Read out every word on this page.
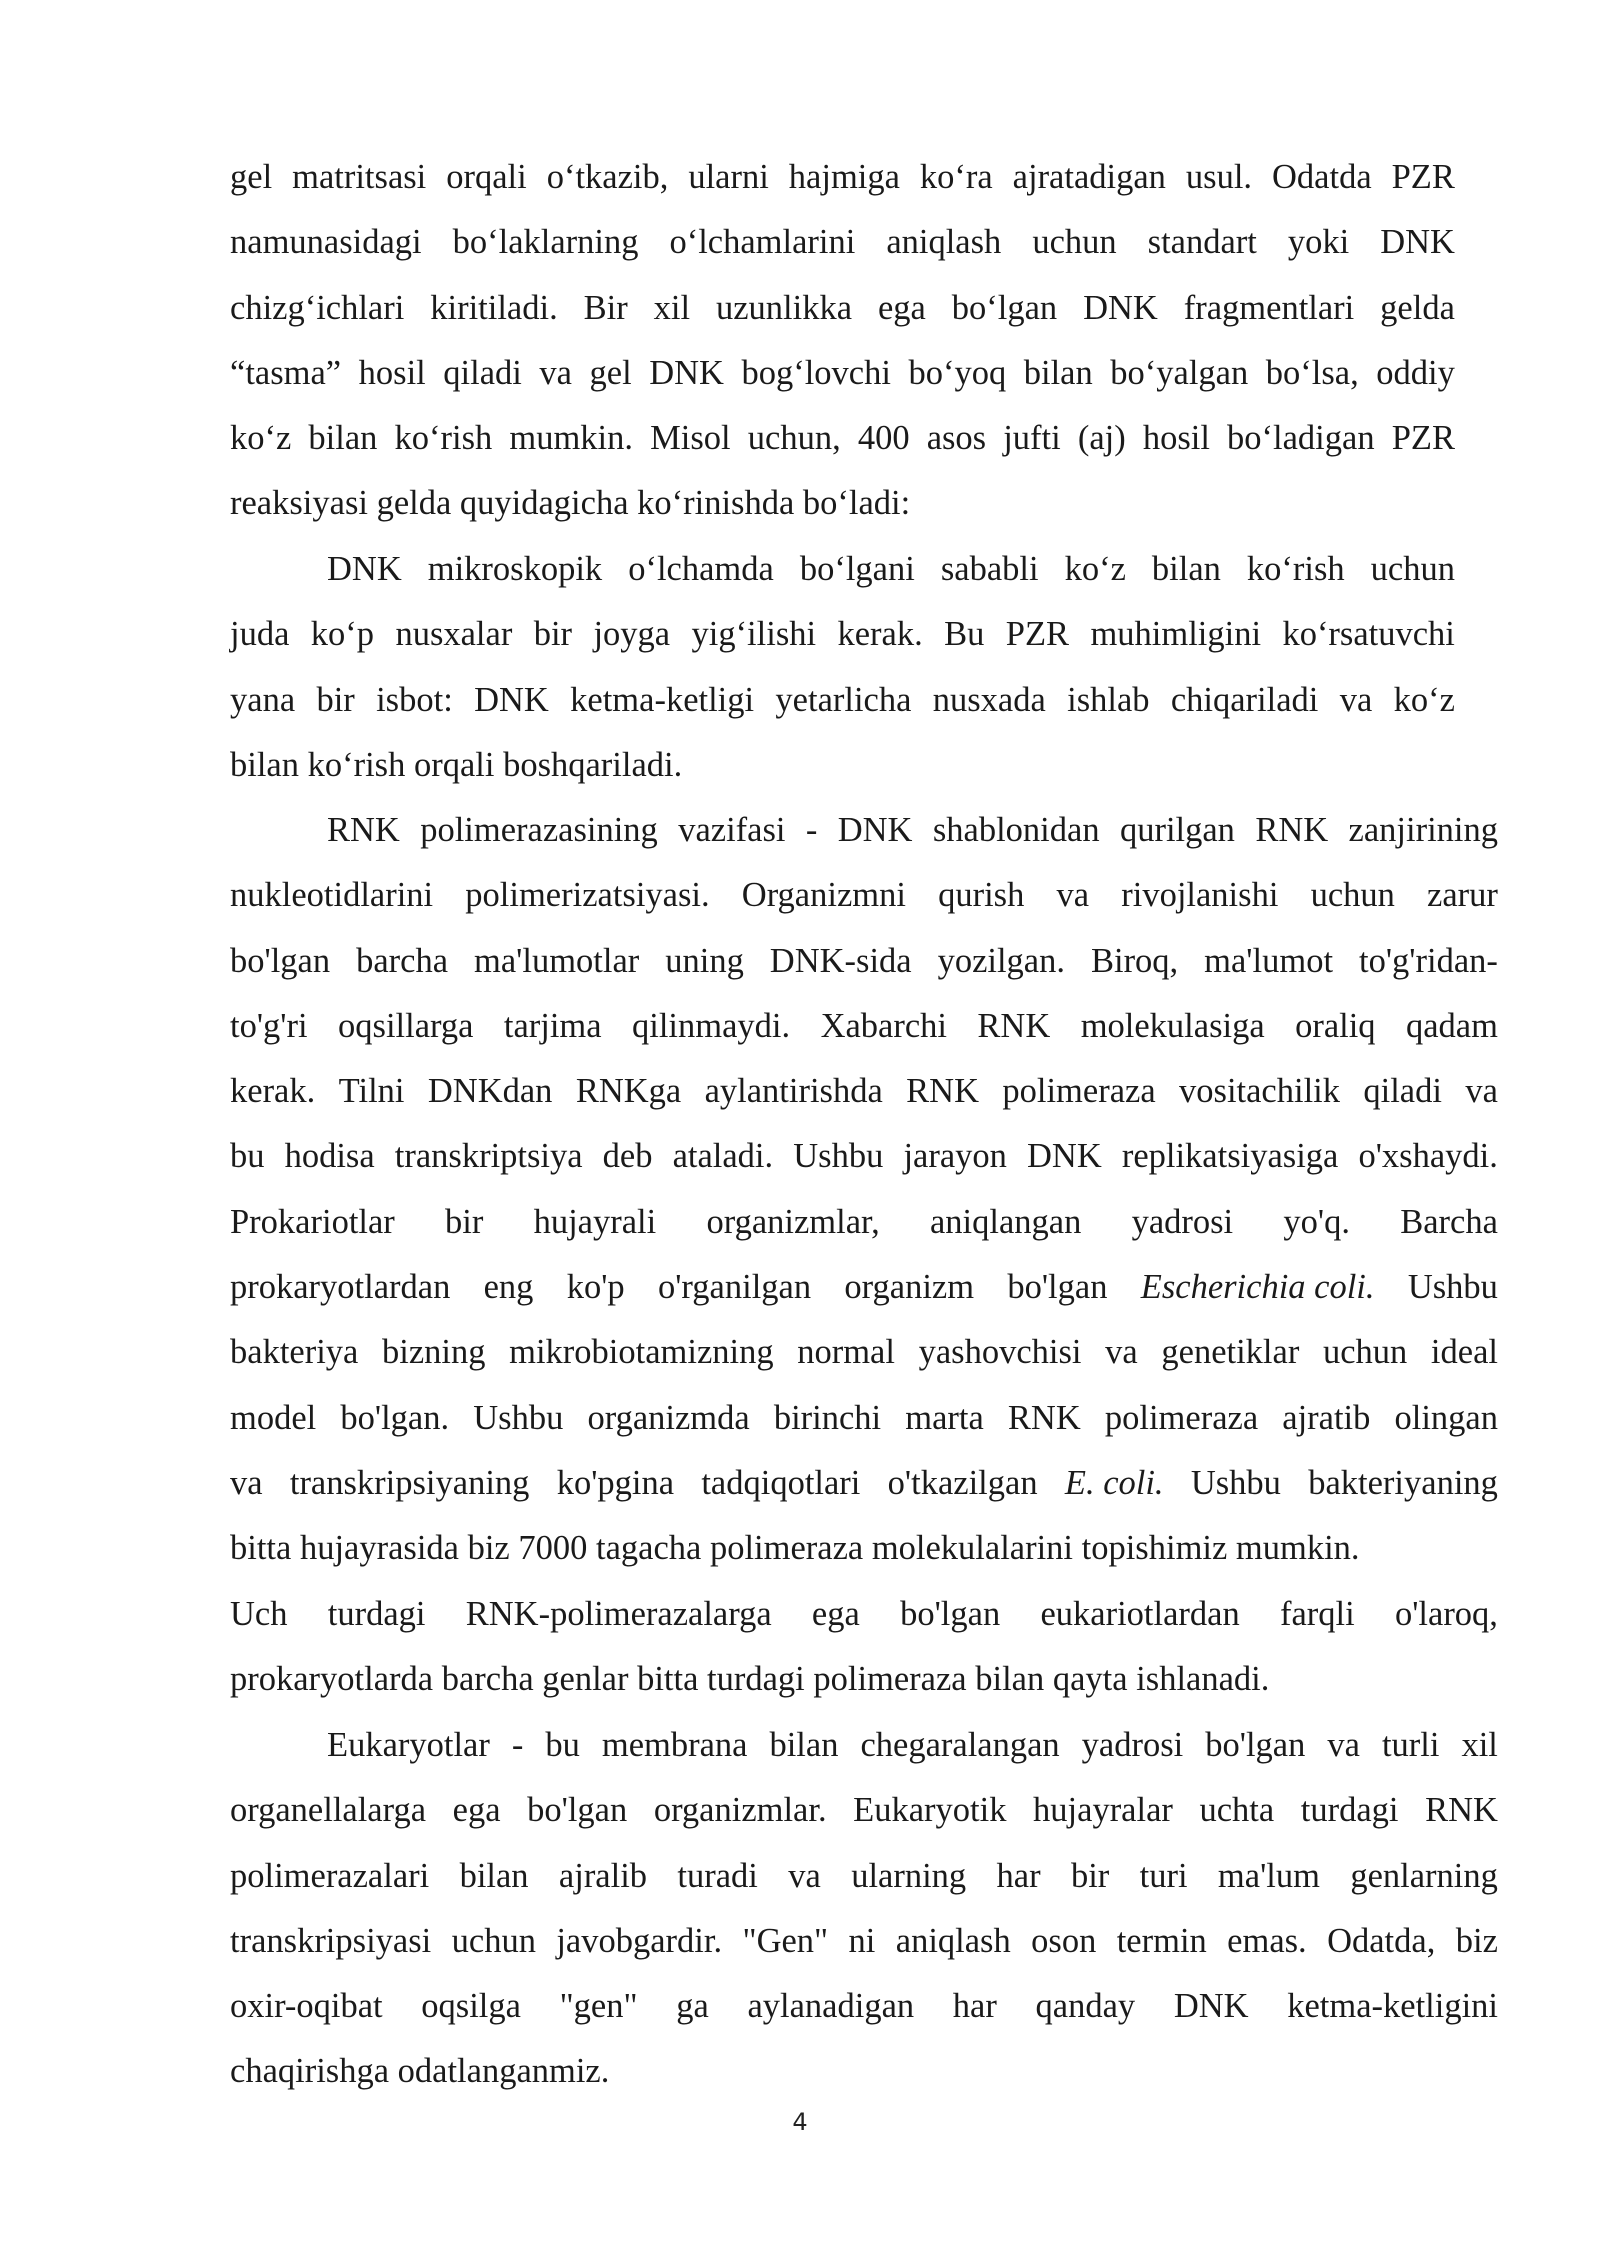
gel matritsasi orqali o‘tkazib, ularni hajmiga ko‘ra ajratadigan usul. Odatda PZR
namunasidagi bo‘laklarning o‘lchamlarini aniqlash uchun standart yoki DNK
chizg‘ichlari kiritiladi. Bir xil uzunlikka ega bo‘lgan DNK fragmentlari gelda
“tasma” hosil qiladi va gel DNK bog‘lovchi bo‘yoq bilan bo‘yalgan bo‘lsa, oddiy
ko‘z bilan ko‘rish mumkin. Misol uchun, 400 asos jufti (aj) hosil bo‘ladigan PZR
reaksiyasi gelda quyidagicha ko‘rinishda bo‘ladi:
DNK mikroskopik o‘lchamda bo‘lgani sababli ko‘z bilan ko‘rish uchun
juda ko‘p nusxalar bir joyga yig‘ilishi kerak. Bu PZR muhimligini ko‘rsatuvchi
yana bir isbot: DNK ketma-ketligi yetarlicha nusxada ishlab chiqariladi va ko‘z
bilan ko‘rish orqali boshqariladi.
RNK polimerazasining vazifasi - DNK shablonidan qurilgan RNK zanjirining
nukleotidlarini polimerizatsiyasi. Organizmni qurish va rivojlanishi uchun zarur
bo'lgan barcha ma'lumotlar uning DNK-sida yozilgan. Biroq, ma'lumot to'g'ridan-
to'g'ri oqsillarga tarjima qilinmaydi. Xabarchi RNK molekulasiga oraliq qadam
kerak. Tilni DNKdan RNKga aylantirishda RNK polimeraza vositachilik qiladi va
bu hodisa transkriptsiya deb ataladi. Ushbu jarayon DNK replikatsiyasiga o'xshaydi.
Prokariotlar bir hujayrali organizmlar, aniqlangan yadrosi yo'q. Barcha
prokaryotlardan eng ko'p o'rganilgan organizm bo'lgan Escherichia coli. Ushbu
bakteriya bizning mikrobiotamizning normal yashovchisi va genetiklar uchun ideal
model bo'lgan. Ushbu organizmda birinchi marta RNK polimeraza ajratib olingan
va transkripsiyaning ko'pgina tadqiqotlari o'tkazilgan E. coli. Ushbu bakteriyaning
bitta hujayrasida biz 7000 tagacha polimeraza molekulalarini topishimiz mumkin.
Uch turdagi RNK-polimerazalarga ega bo'lgan eukariotlardan farqli o'laroq,
prokaryotlarda barcha genlar bitta turdagi polimeraza bilan qayta ishlanadi.
Eukaryotlar - bu membrana bilan chegaralangan yadrosi bo'lgan va turli xil
organellalarga ega bo'lgan organizmlar. Eukaryotik hujayralar uchta turdagi RNK
polimerazalari bilan ajralib turadi va ularning har bir turi ma'lum genlarning
transkripsiyasi uchun javobgardir. "Gen" ni aniqlash oson termin emas. Odatda, biz
oxir-oqibat oqsilga "gen" ga aylanadigan har qanday DNK ketma-ketligini
chaqirishga odatlanganmiz.
4
